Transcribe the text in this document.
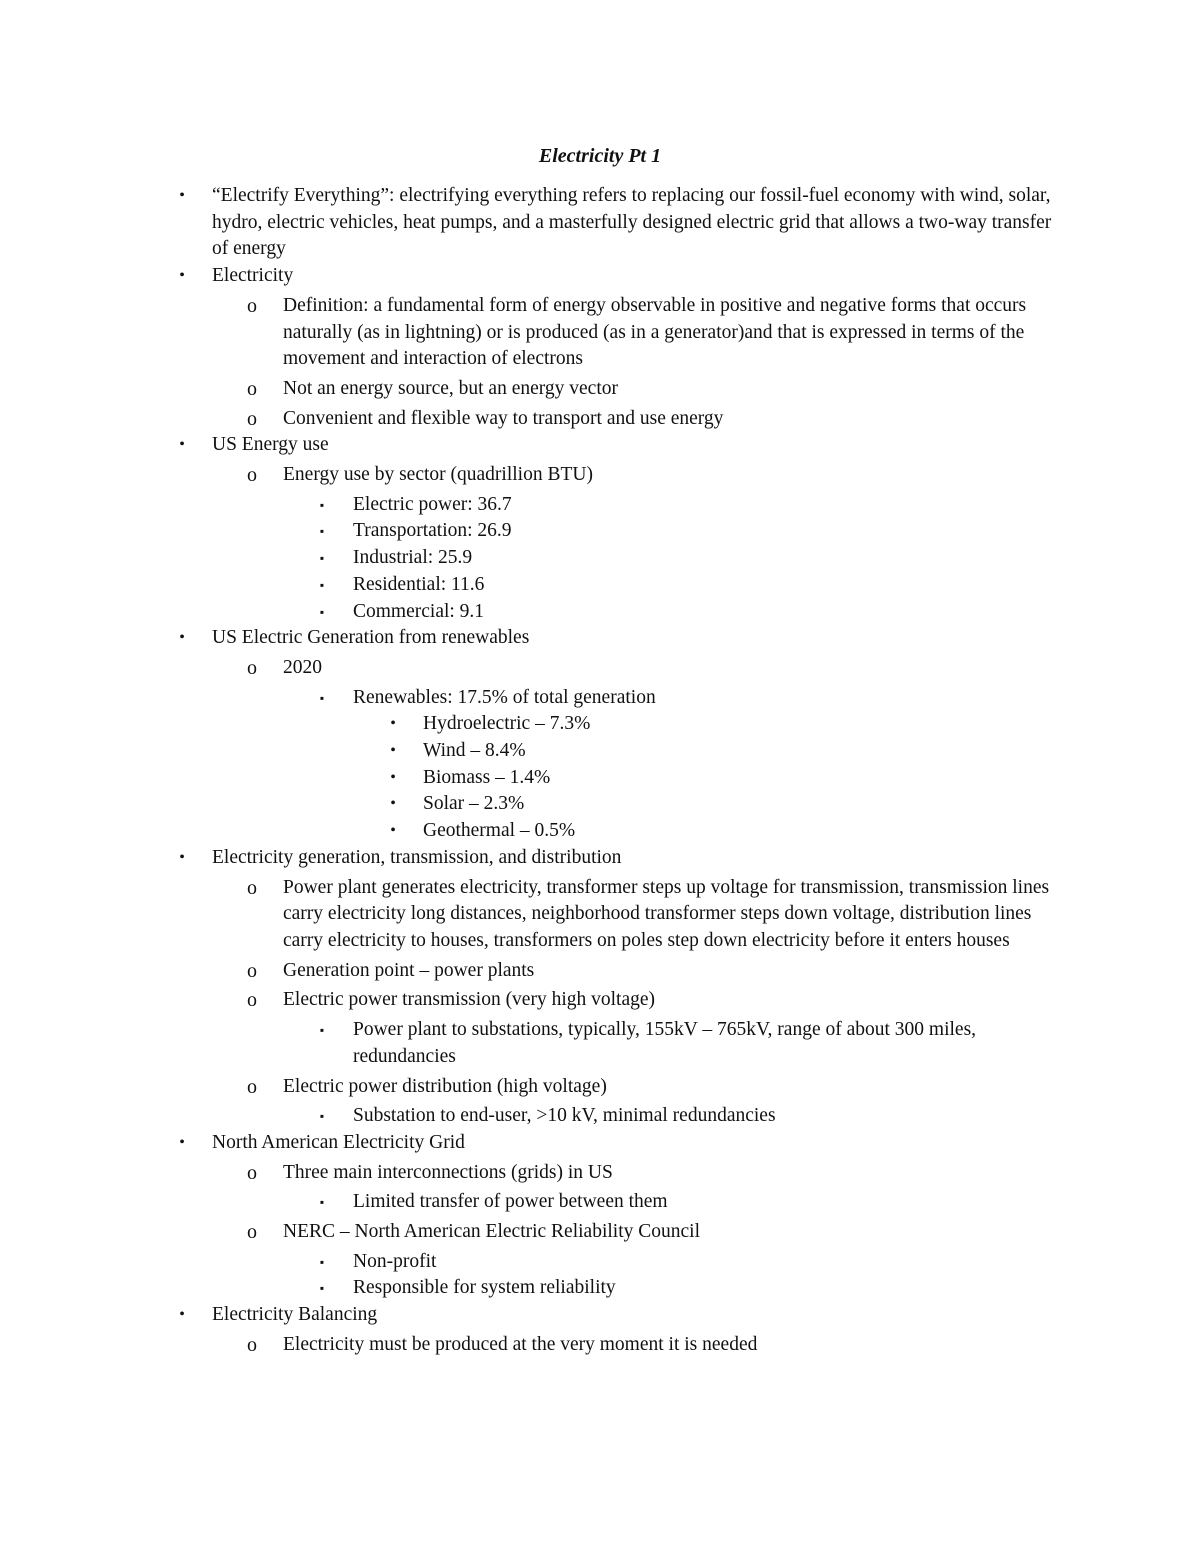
Electricity Pt 1
•	“Electrify Everything”: electrifying everything refers to replacing our fossil-fuel economy with wind, solar, hydro, electric vehicles, heat pumps, and a masterfully designed electric grid that allows a two-way transfer of energy
•	Electricity
o	Definition: a fundamental form of energy observable in positive and negative forms that occurs naturally (as in lightning) or is produced (as in a generator)and that is expressed in terms of the movement and interaction of electrons
o	Not an energy source, but an energy vector
o	Convenient and flexible way to transport and use energy
•	US Energy use
o	Energy use by sector (quadrillion BTU)
▪	Electric power: 36.7
▪	Transportation: 26.9
▪	Industrial: 25.9
▪	Residential: 11.6
▪	Commercial: 9.1
•	US Electric Generation from renewables
o	2020
▪	Renewables: 17.5% of total generation
•	Hydroelectric – 7.3%
•	Wind – 8.4%
•	Biomass – 1.4%
•	Solar – 2.3%
•	Geothermal – 0.5%
•	Electricity generation, transmission, and distribution
o	Power plant generates electricity, transformer steps up voltage for transmission, transmission lines carry electricity long distances, neighborhood transformer steps down voltage, distribution lines carry electricity to houses, transformers on poles step down electricity before it enters houses
o	Generation point – power plants
o	Electric power transmission (very high voltage)
▪	Power plant to substations, typically, 155kV – 765kV, range of about 300 miles, redundancies
o	Electric power distribution (high voltage)
▪	Substation to end-user, >10 kV, minimal redundancies
•	North American Electricity Grid
o	Three main interconnections (grids) in US
▪	Limited transfer of power between them
o	NERC – North American Electric Reliability Council
▪	Non-profit
▪	Responsible for system reliability
•	Electricity Balancing
o	Electricity must be produced at the very moment it is needed
